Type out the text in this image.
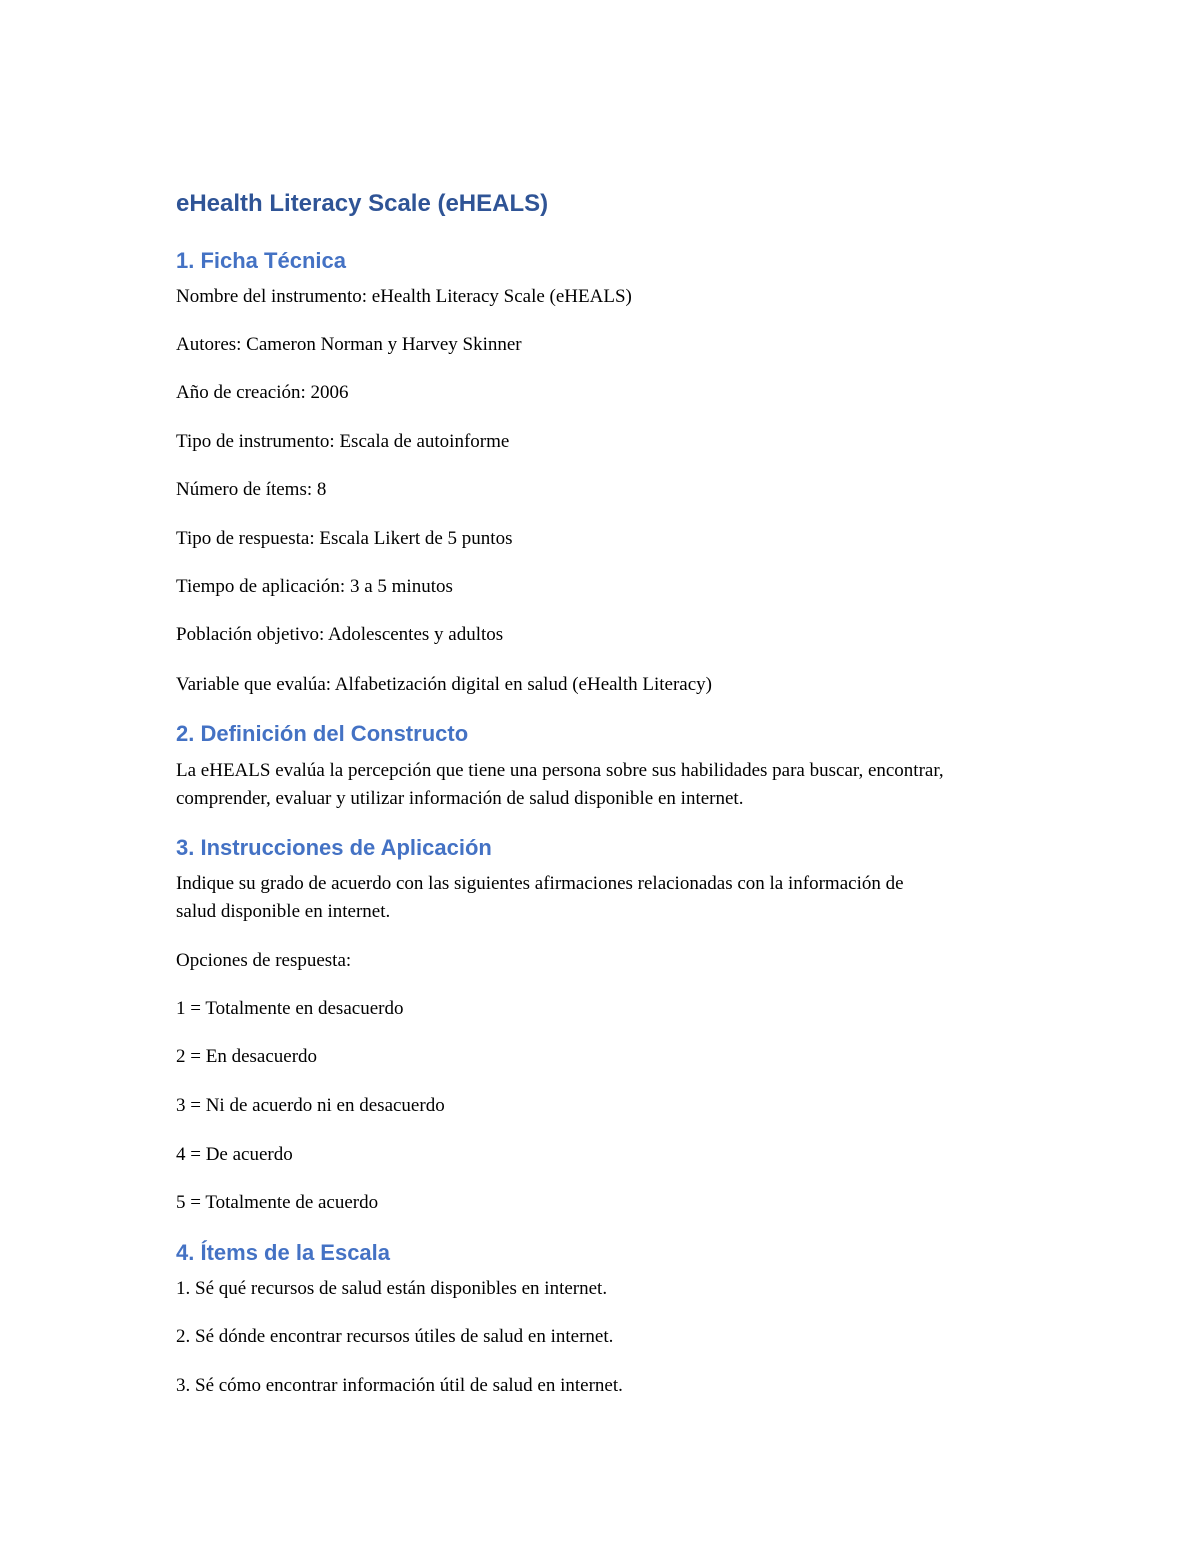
eHealth Literacy Scale (eHEALS)
1. Ficha Técnica
Nombre del instrumento: eHealth Literacy Scale (eHEALS)
Autores: Cameron Norman y Harvey Skinner
Año de creación: 2006
Tipo de instrumento: Escala de autoinforme
Número de ítems: 8
Tipo de respuesta: Escala Likert de 5 puntos
Tiempo de aplicación: 3 a 5 minutos
Población objetivo: Adolescentes y adultos
Variable que evalúa: Alfabetización digital en salud (eHealth Literacy)
2. Definición del Constructo
La eHEALS evalúa la percepción que tiene una persona sobre sus habilidades para buscar, encontrar, comprender, evaluar y utilizar información de salud disponible en internet.
3. Instrucciones de Aplicación
Indique su grado de acuerdo con las siguientes afirmaciones relacionadas con la información de salud disponible en internet.
Opciones de respuesta:
1 = Totalmente en desacuerdo
2 = En desacuerdo
3 = Ni de acuerdo ni en desacuerdo
4 = De acuerdo
5 = Totalmente de acuerdo
4. Ítems de la Escala
1. Sé qué recursos de salud están disponibles en internet.
2. Sé dónde encontrar recursos útiles de salud en internet.
3. Sé cómo encontrar información útil de salud en internet.
